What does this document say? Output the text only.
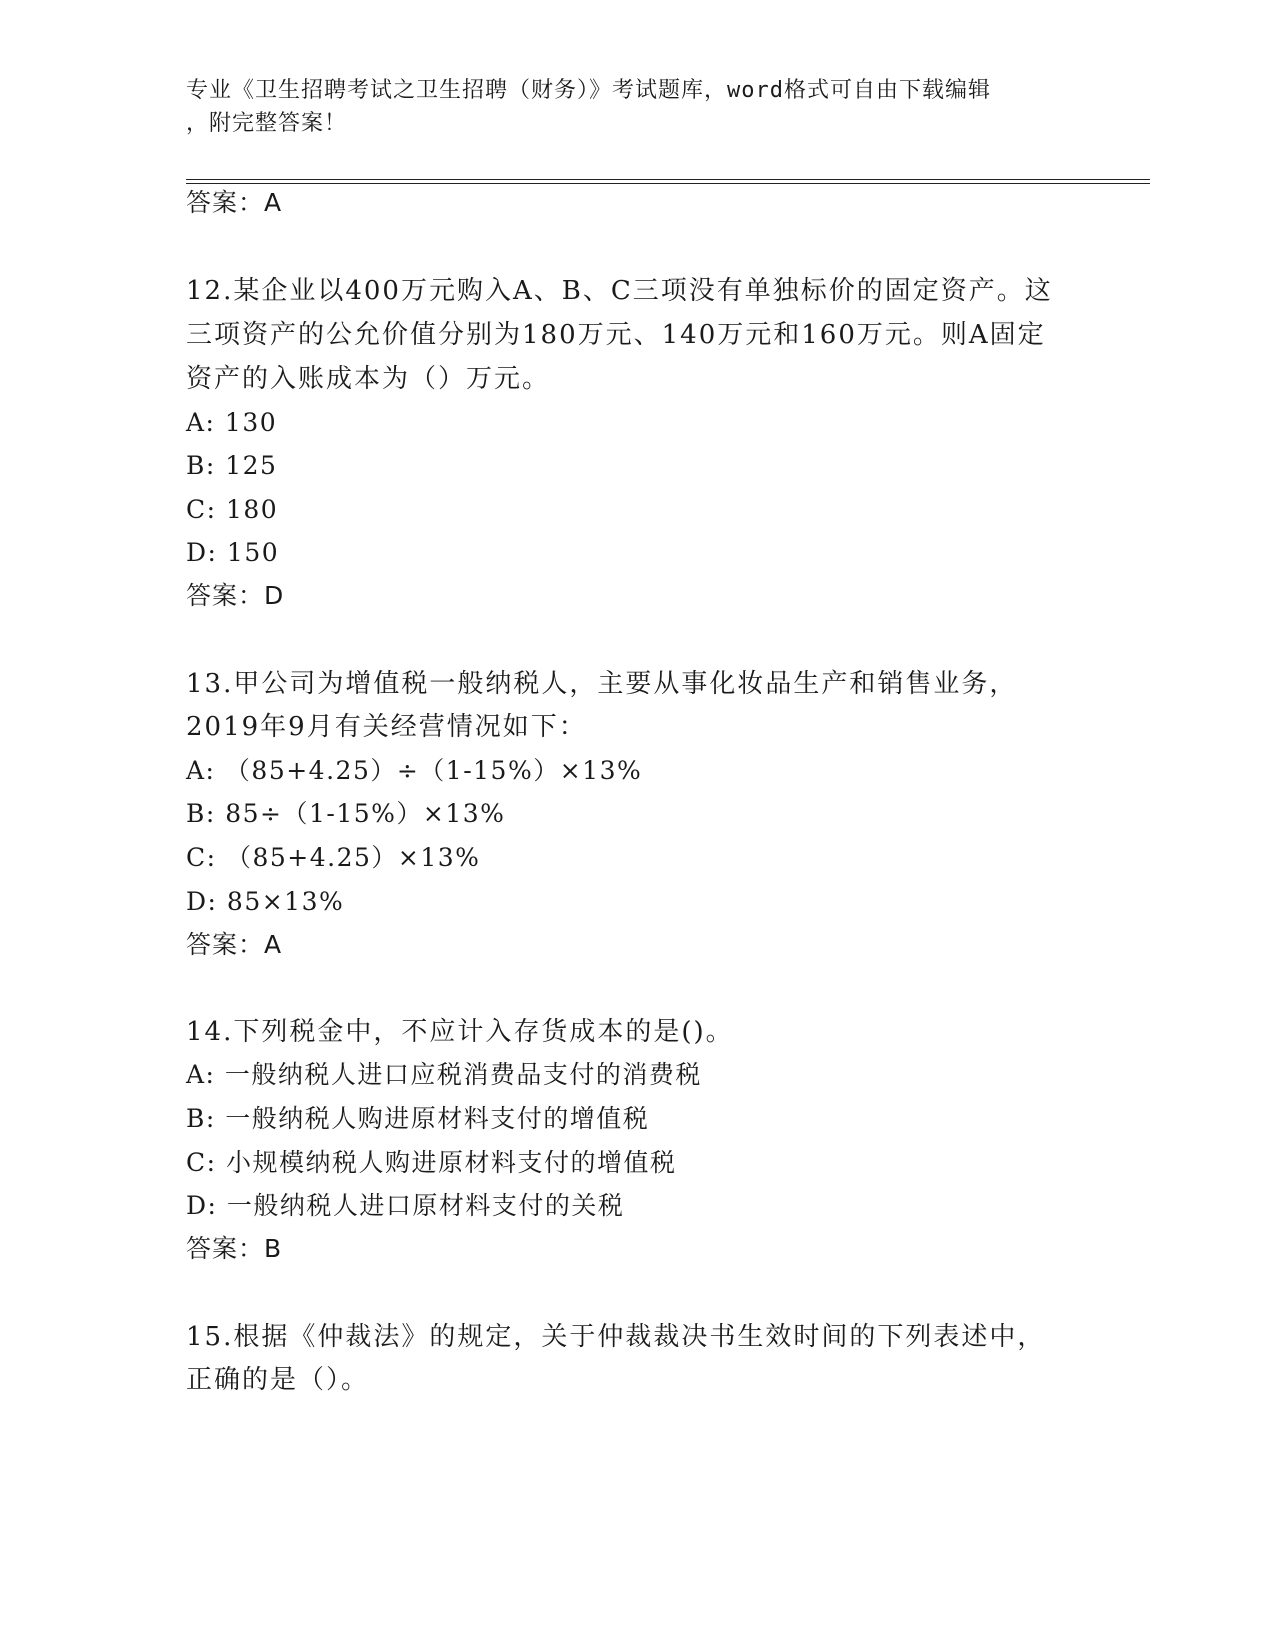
专业《卫生招聘考试之卫生招聘（财务）》考试题库，word格式可自由下载编辑
，附完整答案！
答案：A
12.某企业以400万元购入A、B、C三项没有单独标价的固定资产。这
三项资产的公允价值分别为180万元、140万元和160万元。则A固定
资产的入账成本为（）万元。
A: 130
B: 125
C: 180
D: 150
答案：D
13.甲公司为增值税一般纳税人，主要从事化妆品生产和销售业务，
2019年9月有关经营情况如下：
A: （85+4.25）÷（1-15%）×13%
B: 85÷（1-15%）×13%
C: （85+4.25）×13%
D: 85×13%
答案：A
14.下列税金中，不应计入存货成本的是()。
A: 一般纳税人进口应税消费品支付的消费税
B: 一般纳税人购进原材料支付的增值税
C: 小规模纳税人购进原材料支付的增值税
D: 一般纳税人进口原材料支付的关税
答案：B
15.根据《仲裁法》的规定，关于仲裁裁决书生效时间的下列表述中，
正确的是（）。
